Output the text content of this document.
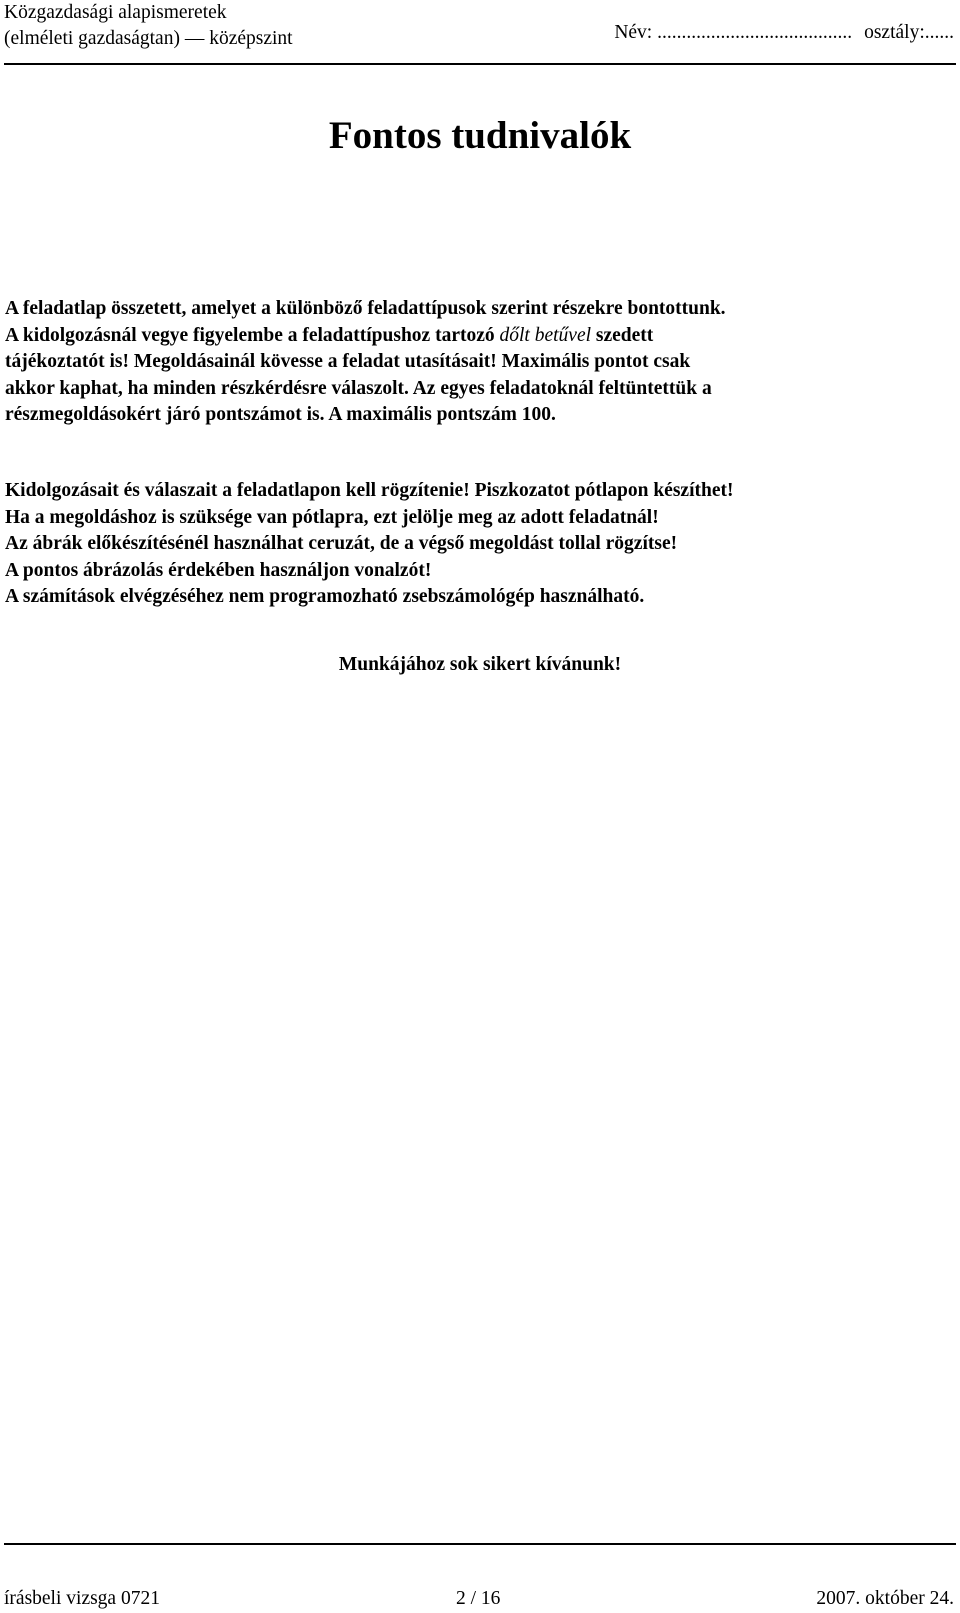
Közgazdasági alapismeretek
(elméleti gazdaságtan) — középszint	Név: ........................................ osztály:......
Fontos tudnivalók

A feladatlap összetett, amelyet a különböző feladattípusok szerint részekre bontottunk.

A kidolgozásnál vegye figyelembe a feladattípushoz tartozó dőlt betűvel szedett

tájékoztatót is! Megoldásainál kövesse a feladat utasításait! Maximális pontot csak

akkor kaphat, ha minden részkérdésre válaszolt. Az egyes feladatoknál feltüntettük a

részmegoldásokért járó pontszámot is. A maximális pontszám 100.

Kidolgozásait és válaszait a feladatlapon kell rögzítenie! Piszkozatot pótlapon készíthet!

Ha a megoldáshoz is szüksége van pótlapra, ezt jelölje meg az adott feladatnál!

Az ábrák előkészítésénél használhat ceruzát, de a végső megoldást tollal rögzítse!

A pontos ábrázolás érdekében használjon vonalzót!

A számítások elvégzéséhez nem programozható zsebszámológép használható.

Munkájához sok sikert kívánunk!
írásbeli vizsga 0721	2 / 16	2007. október 24.
